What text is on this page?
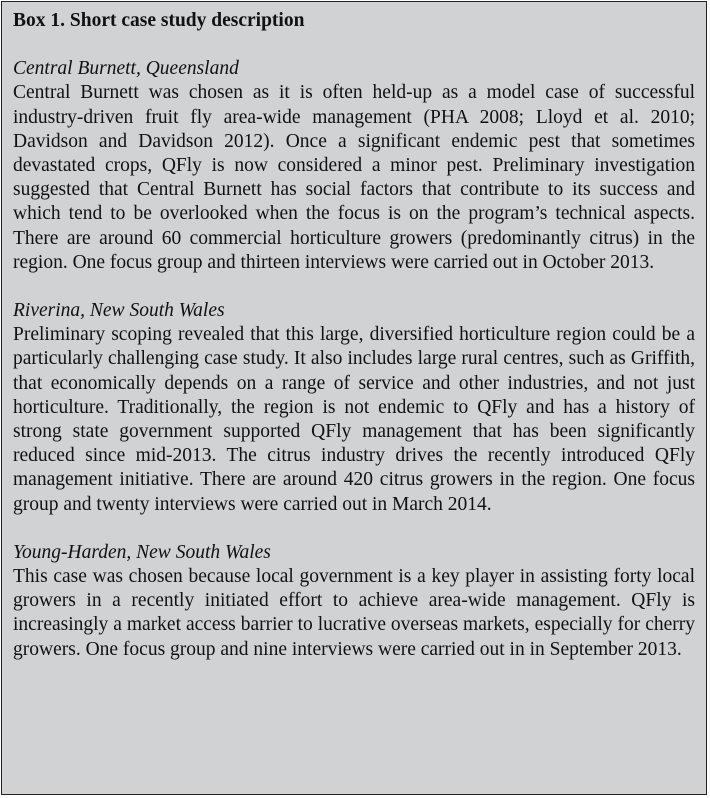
Box 1. Short case study description
Central Burnett, Queensland
Central Burnett was chosen as it is often held-up as a model case of successful industry-driven fruit fly area-wide management (PHA 2008; Lloyd et al. 2010; Davidson and Davidson 2012). Once a significant endemic pest that sometimes devastated crops, QFly is now considered a minor pest. Preliminary investigation suggested that Central Burnett has social factors that contribute to its success and which tend to be overlooked when the focus is on the program’s technical aspects. There are around 60 commercial horticulture growers (predominantly citrus) in the region. One focus group and thirteen interviews were carried out in October 2013.
Riverina, New South Wales
Preliminary scoping revealed that this large, diversified horticulture region could be a particularly challenging case study. It also includes large rural centres, such as Griffith, that economically depends on a range of service and other industries, and not just horticulture. Traditionally, the region is not endemic to QFly and has a history of strong state government supported QFly management that has been significantly reduced since mid-2013. The citrus industry drives the recently introduced QFly management initiative. There are around 420 citrus growers in the region. One focus group and twenty interviews were carried out in March 2014.
Young-Harden, New South Wales
This case was chosen because local government is a key player in assisting forty local growers in a recently initiated effort to achieve area-wide management. QFly is increasingly a market access barrier to lucrative overseas markets, especially for cherry growers. One focus group and nine interviews were carried out in in September 2013.
